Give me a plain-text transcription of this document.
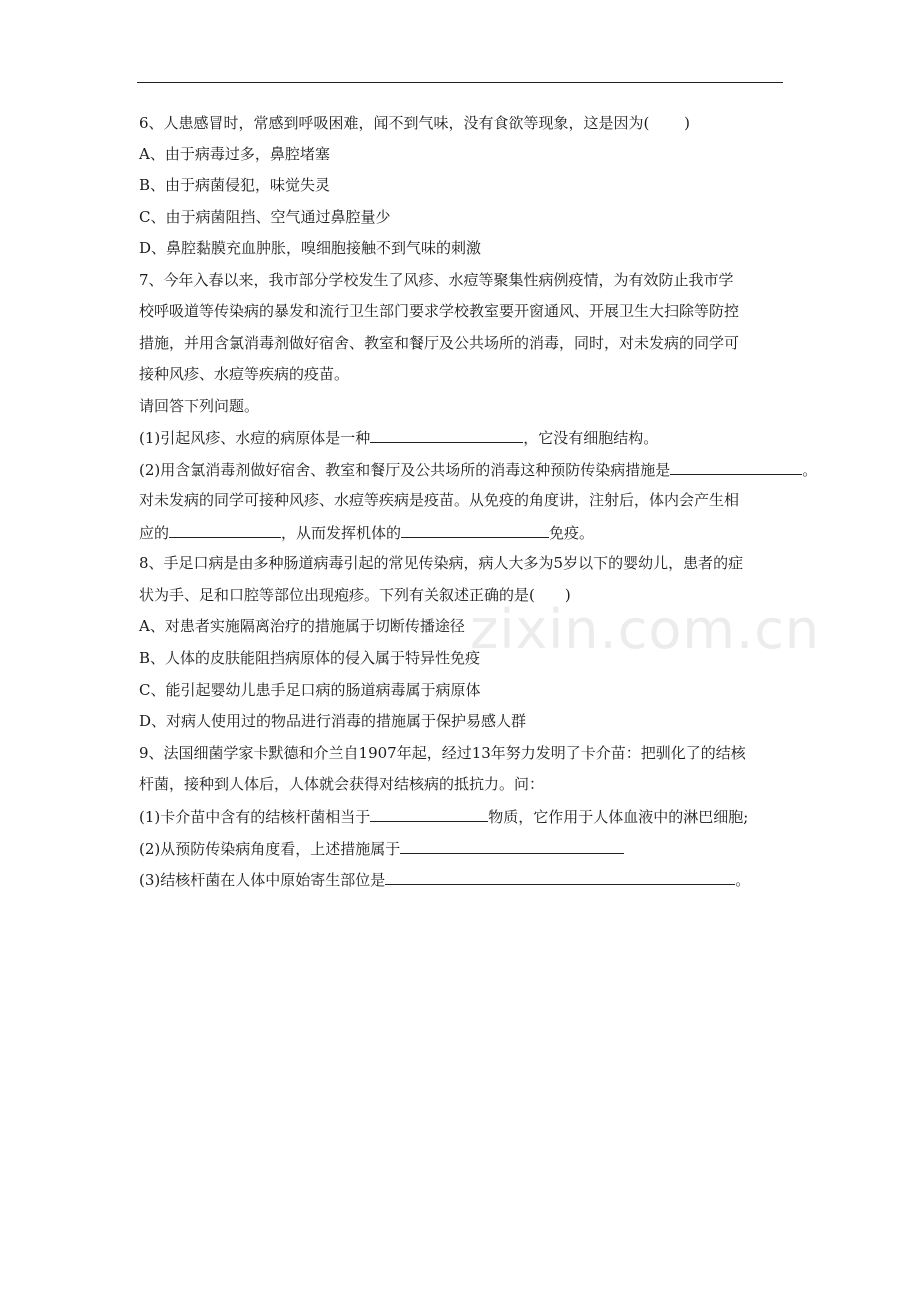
zixin.com.cn
6、人患感冒时，常感到呼吸困难，闻不到气味，没有食欲等现象，这是因为(　　 )
A、由于病毒过多，鼻腔堵塞
B、由于病菌侵犯，味觉失灵
C、由于病菌阻挡、空气通过鼻腔量少
D、鼻腔黏膜充血肿胀，嗅细胞接触不到气味的刺激
7、今年入春以来，我市部分学校发生了风疹、水痘等聚集性病例疫情，为有效防止我市学
校呼吸道等传染病的暴发和流行卫生部门要求学校教室要开窗通风、开展卫生大扫除等防控
措施，并用含氯消毒剂做好宿舍、教室和餐厅及公共场所的消毒，同时，对未发病的同学可
接种风疹、水痘等疾病的疫苗。
请回答下列问题。
(1)引起风疹、水痘的病原体是一种	，它没有细胞结构。
(2)用含氯消毒剂做好宿舍、教室和餐厅及公共场所的消毒这种预防传染病措施是	。
对未发病的同学可接种风疹、水痘等疾病是疫苗。从免疫的角度讲，注射后，体内会产生相
应的	，从而发挥机体的	免疫。
8、手足口病是由多种肠道病毒引起的常见传染病，病人大多为5岁以下的婴幼儿，患者的症
状为手、足和口腔等部位出现疱疹。下列有关叙述正确的是(　　)
A、对患者实施隔离治疗的措施属于切断传播途径
B、人体的皮肤能阻挡病原体的侵入属于特异性免疫
C、能引起婴幼儿患手足口病的肠道病毒属于病原体
D、对病人使用过的物品进行消毒的措施属于保护易感人群
9、法国细菌学家卡默德和介兰自1907年起，经过13年努力发明了卡介苗：把驯化了的结核
杆菌，接种到人体后，人体就会获得对结核病的抵抗力。问：
(1)卡介苗中含有的结核杆菌相当于	物质，它作用于人体血液中的淋巴细胞;
(2)从预防传染病角度看，上述措施属于
(3)结核杆菌在人体中原始寄生部位是	。
